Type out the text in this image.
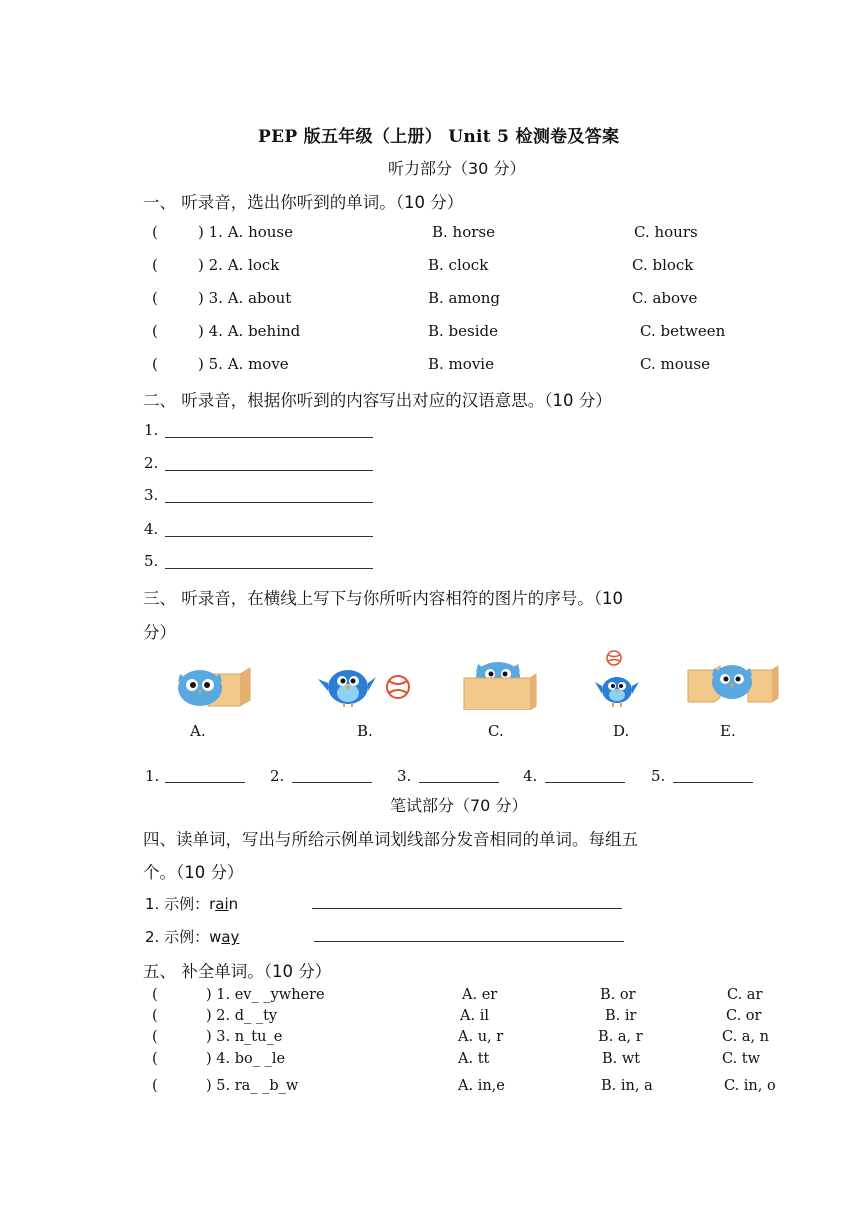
PEP 版五年级（上册） Unit 5 检测卷及答案
听力部分（30 分）
一、 听录音，选出你听到的单词。（10 分）
(	) 1. A. house	B. horse	C. hours
(	) 2. A. lock	B. clock	C. block
(	) 3. A. about	B. among	C. above
(	) 4. A. behind	B. beside	C. between
(	) 5. A. move	B. movie	C. mouse
二、 听录音，根据你听到的内容写出对应的汉语意思。（10 分）
1.
2.
3.
4.
5.
三、 听录音，在横线上写下与你所听内容相符的图片的序号。（10
分）
A.	B.	C.	D.	E.
1.	2.	3.	4.	5.
笔试部分（70 分）
四、读单词，写出与所给示例单词划线部分发音相同的单词。每组五
个。（10 分）
1. 示例：rain
2. 示例：way
五、 补全单词。（10 分）
(	) 1. ev_ _ywhere	A. er	B. or	C. ar
(	) 2. d_ _ty	A. il	B. ir	C. or
(	) 3. n_tu_e	A. u, r	B. a, r	C. a, n
(	) 4. bo_ _le	A. tt	B. wt	C. tw
(	) 5. ra_ _b_w	A. in,e	B. in, a	C. in, o
